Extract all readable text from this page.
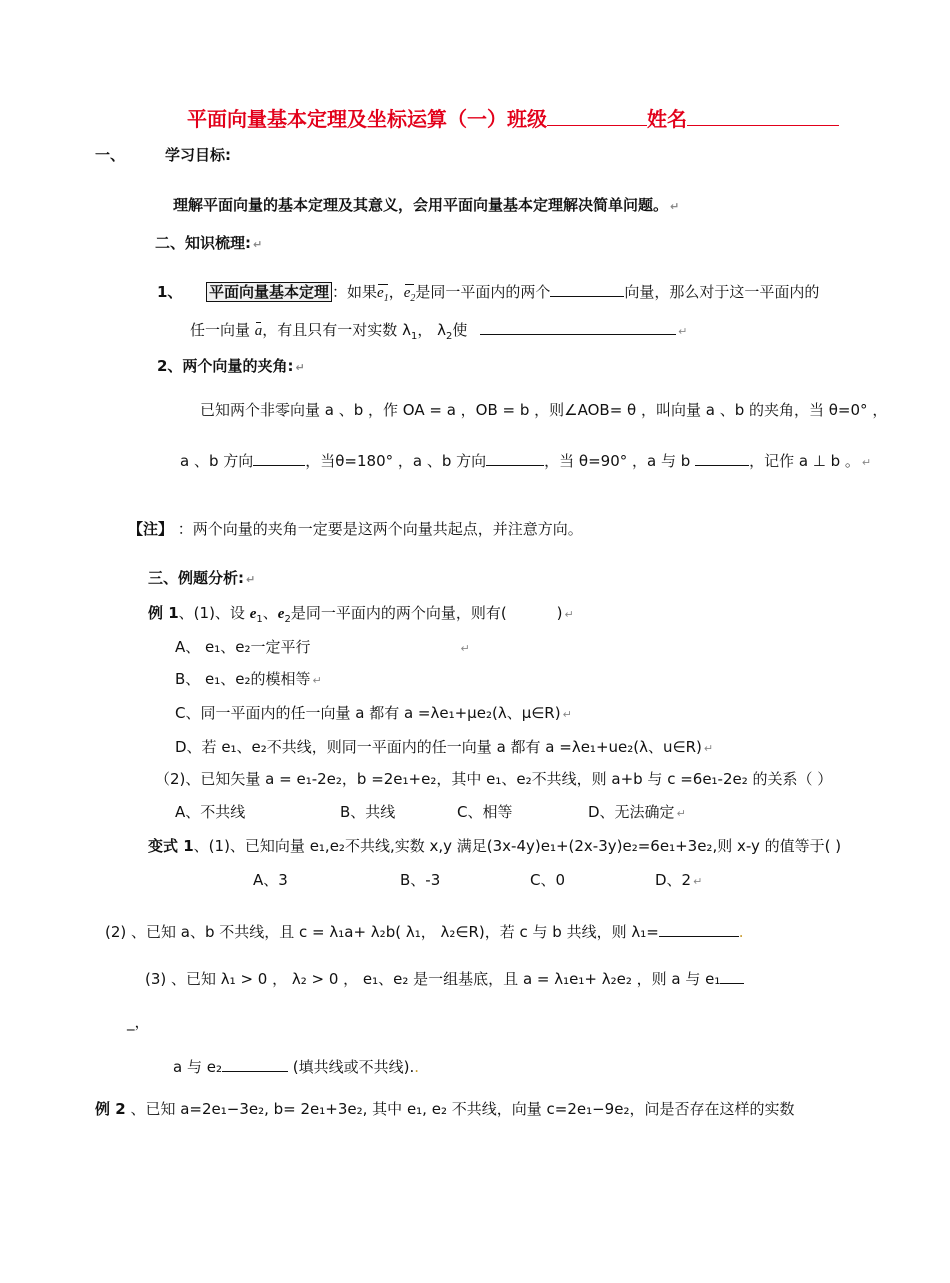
平面向量基本定理及坐标运算（一）班级	姓名
一、	学习目标:
理解平面向量的基本定理及其意义，会用平面向量基本定理解决简单问题。 ↵
二、知识梳理: ↵
1、 平面向量基本定理 ：如果$e_1$，$e_2$是同一平面内的两个	向量，那么对于这一平面内的
任一向量 a，有且只有一对实数 $\lambda_1$， $\lambda_2$使	↵
2、两个向量的夹角: ↵
已知两个非零向量 a 、b ，作 OA = a ，OB = b ，则∠AOB= θ ，叫向量 a 、b 的夹角，当 θ=0° ，
a 、b 方向	，当θ=180° ，a 、b 方向	，当 θ=90° ，a 与 b	，记作 a ⊥ b 。 ↵
【注】 ：两个向量的夹角一定要是这两个向量共起点，并注意方向。
三、例题分析: ↵
例 1、(1)、设 $e_1$、$e_2$是同一平面内的两个向量，则有(	) ↵
A、 e₁、e₂一定平行	↵
B、 e₁、e₂的模相等 ↵
C、同一平面内的任一向量 a 都有 a =λe₁+μe₂(λ、μ∈R) ↵
D、若 e₁、e₂不共线，则同一平面内的任一向量 a 都有 a =λe₁+ue₂(λ、u∈R) ↵
（2)、已知矢量 a = e₁-2e₂，b =2e₁+e₂，其中 e₁、e₂不共线，则 a+b 与 c =6e₁-2e₂ 的关系（ ）
A、不共线	B、共线	C、相等	D、无法确定 ↵
变式 1、(1)、已知向量 e₁,e₂不共线,实数 x,y 满足(3x-4y)e₁+(2x-3y)e₂=6e₁+3e₂,则 x-y 的值等于( )
A、3	B、-3	C、0	D、2 ↵
(2) 、已知 a、b 不共线，且 c = λ₁a+ λ₂b( λ₁， λ₂∈R)，若 c 与 b 共线，则 λ₁=	.
(3) 、已知 λ₁ > 0 ， λ₂ > 0 ， e₁、e₂ 是一组基底，且 a = λ₁e₁+ λ₂e₂ ，则 a 与 e₁
_，
a 与 e₂	(填共线或不共线)..
例 2 、已知 a=2e₁−3e₂, b= 2e₁+3e₂, 其中 e₁, e₂ 不共线，向量 c=2e₁−9e₂，问是否存在这样的实数
